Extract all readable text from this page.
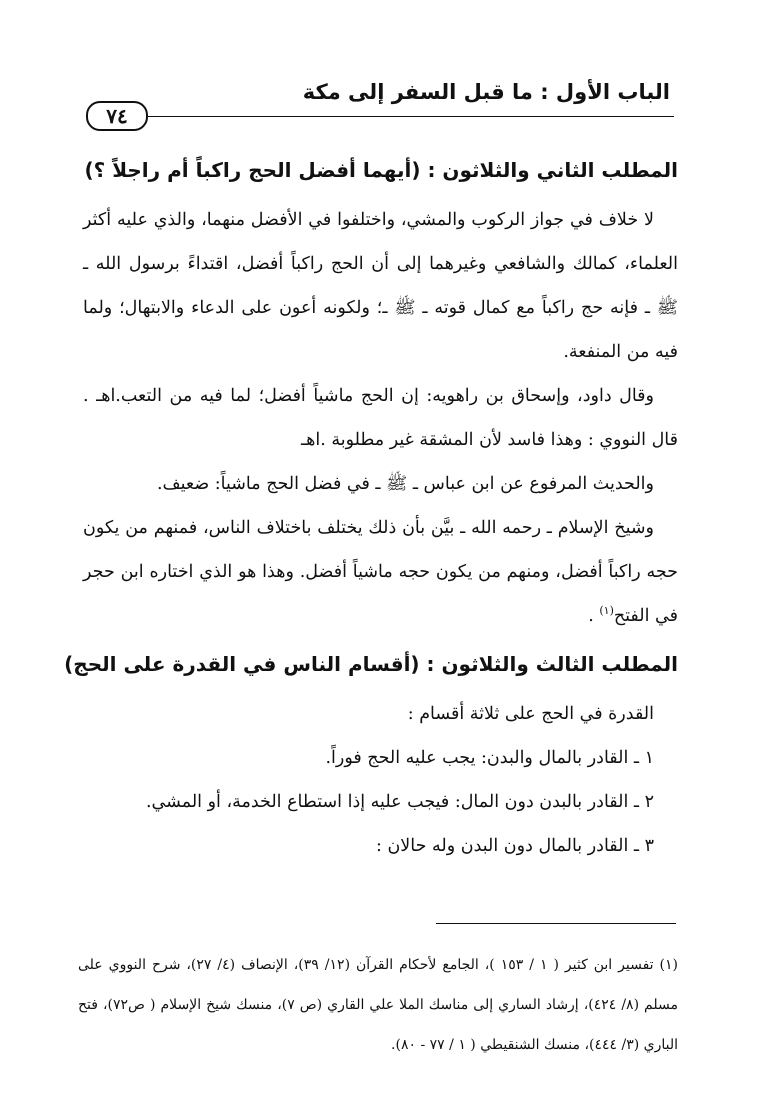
الباب الأول : ما قبل السفر إلى مكة
٧٤
المطلب الثاني والثلاثون : (أيهما أفضل الحج راكباً أم راجلاً ؟)

لا خلاف في جواز الركوب والمشي، واختلفوا في الأفضل منهما، والذي عليه أكثر العلماء، كمالك والشافعي وغيرهما إلى أن الحج راكباً أفضل، اقتداءً برسول الله ـ ﷺ ـ فإنه حج راكباً مع كمال قوته ـ ﷺ ـ؛ ولكونه أعون على الدعاء والابتهال؛ ولما فيه من المنفعة.

وقال داود، وإسحاق بن راهويه: إن الحج ماشياً أفضل؛ لما فيه من التعب.اهـ . قال النووي : وهذا فاسد لأن المشقة غير مطلوبة .اهـ

والحديث المرفوع عن ابن عباس ـ ﷺ ـ في فضل الحج ماشياً: ضعيف.

وشيخ الإسلام ـ رحمه الله ـ بيَّن بأن ذلك يختلف باختلاف الناس، فمنهم من يكون حجه راكباً أفضل، ومنهم من يكون حجه ماشياً أفضل. وهذا هو الذي اختاره ابن حجر في الفتح$^{(١)}$ .

المطلب الثالث والثلاثون : (أقسام الناس في القدرة على الحج)
القدرة في الحج على ثلاثة أقسام :
١ ـ القادر بالمال والبدن: يجب عليه الحج فوراً.
٢ ـ القادر بالبدن دون المال: فيجب عليه إذا استطاع الخدمة، أو المشي.
٣ ـ القادر بالمال دون البدن وله حالان :
(١) تفسير ابن كثير ( ١ / ١٥٣ )، الجامع لأحكام القرآن (١٢/ ٣٩)، الإنصاف (٤/ ٢٧)، شرح النووي على مسلم (٨/ ٤٢٤)، إرشاد الساري إلى مناسك الملا علي القاري (ص ٧)، منسك شيخ الإسلام ( ص٧٢)، فتح الباري (٣/ ٤٤٤)، منسك الشنقيطي ( ١ / ٧٧ - ٨٠).
